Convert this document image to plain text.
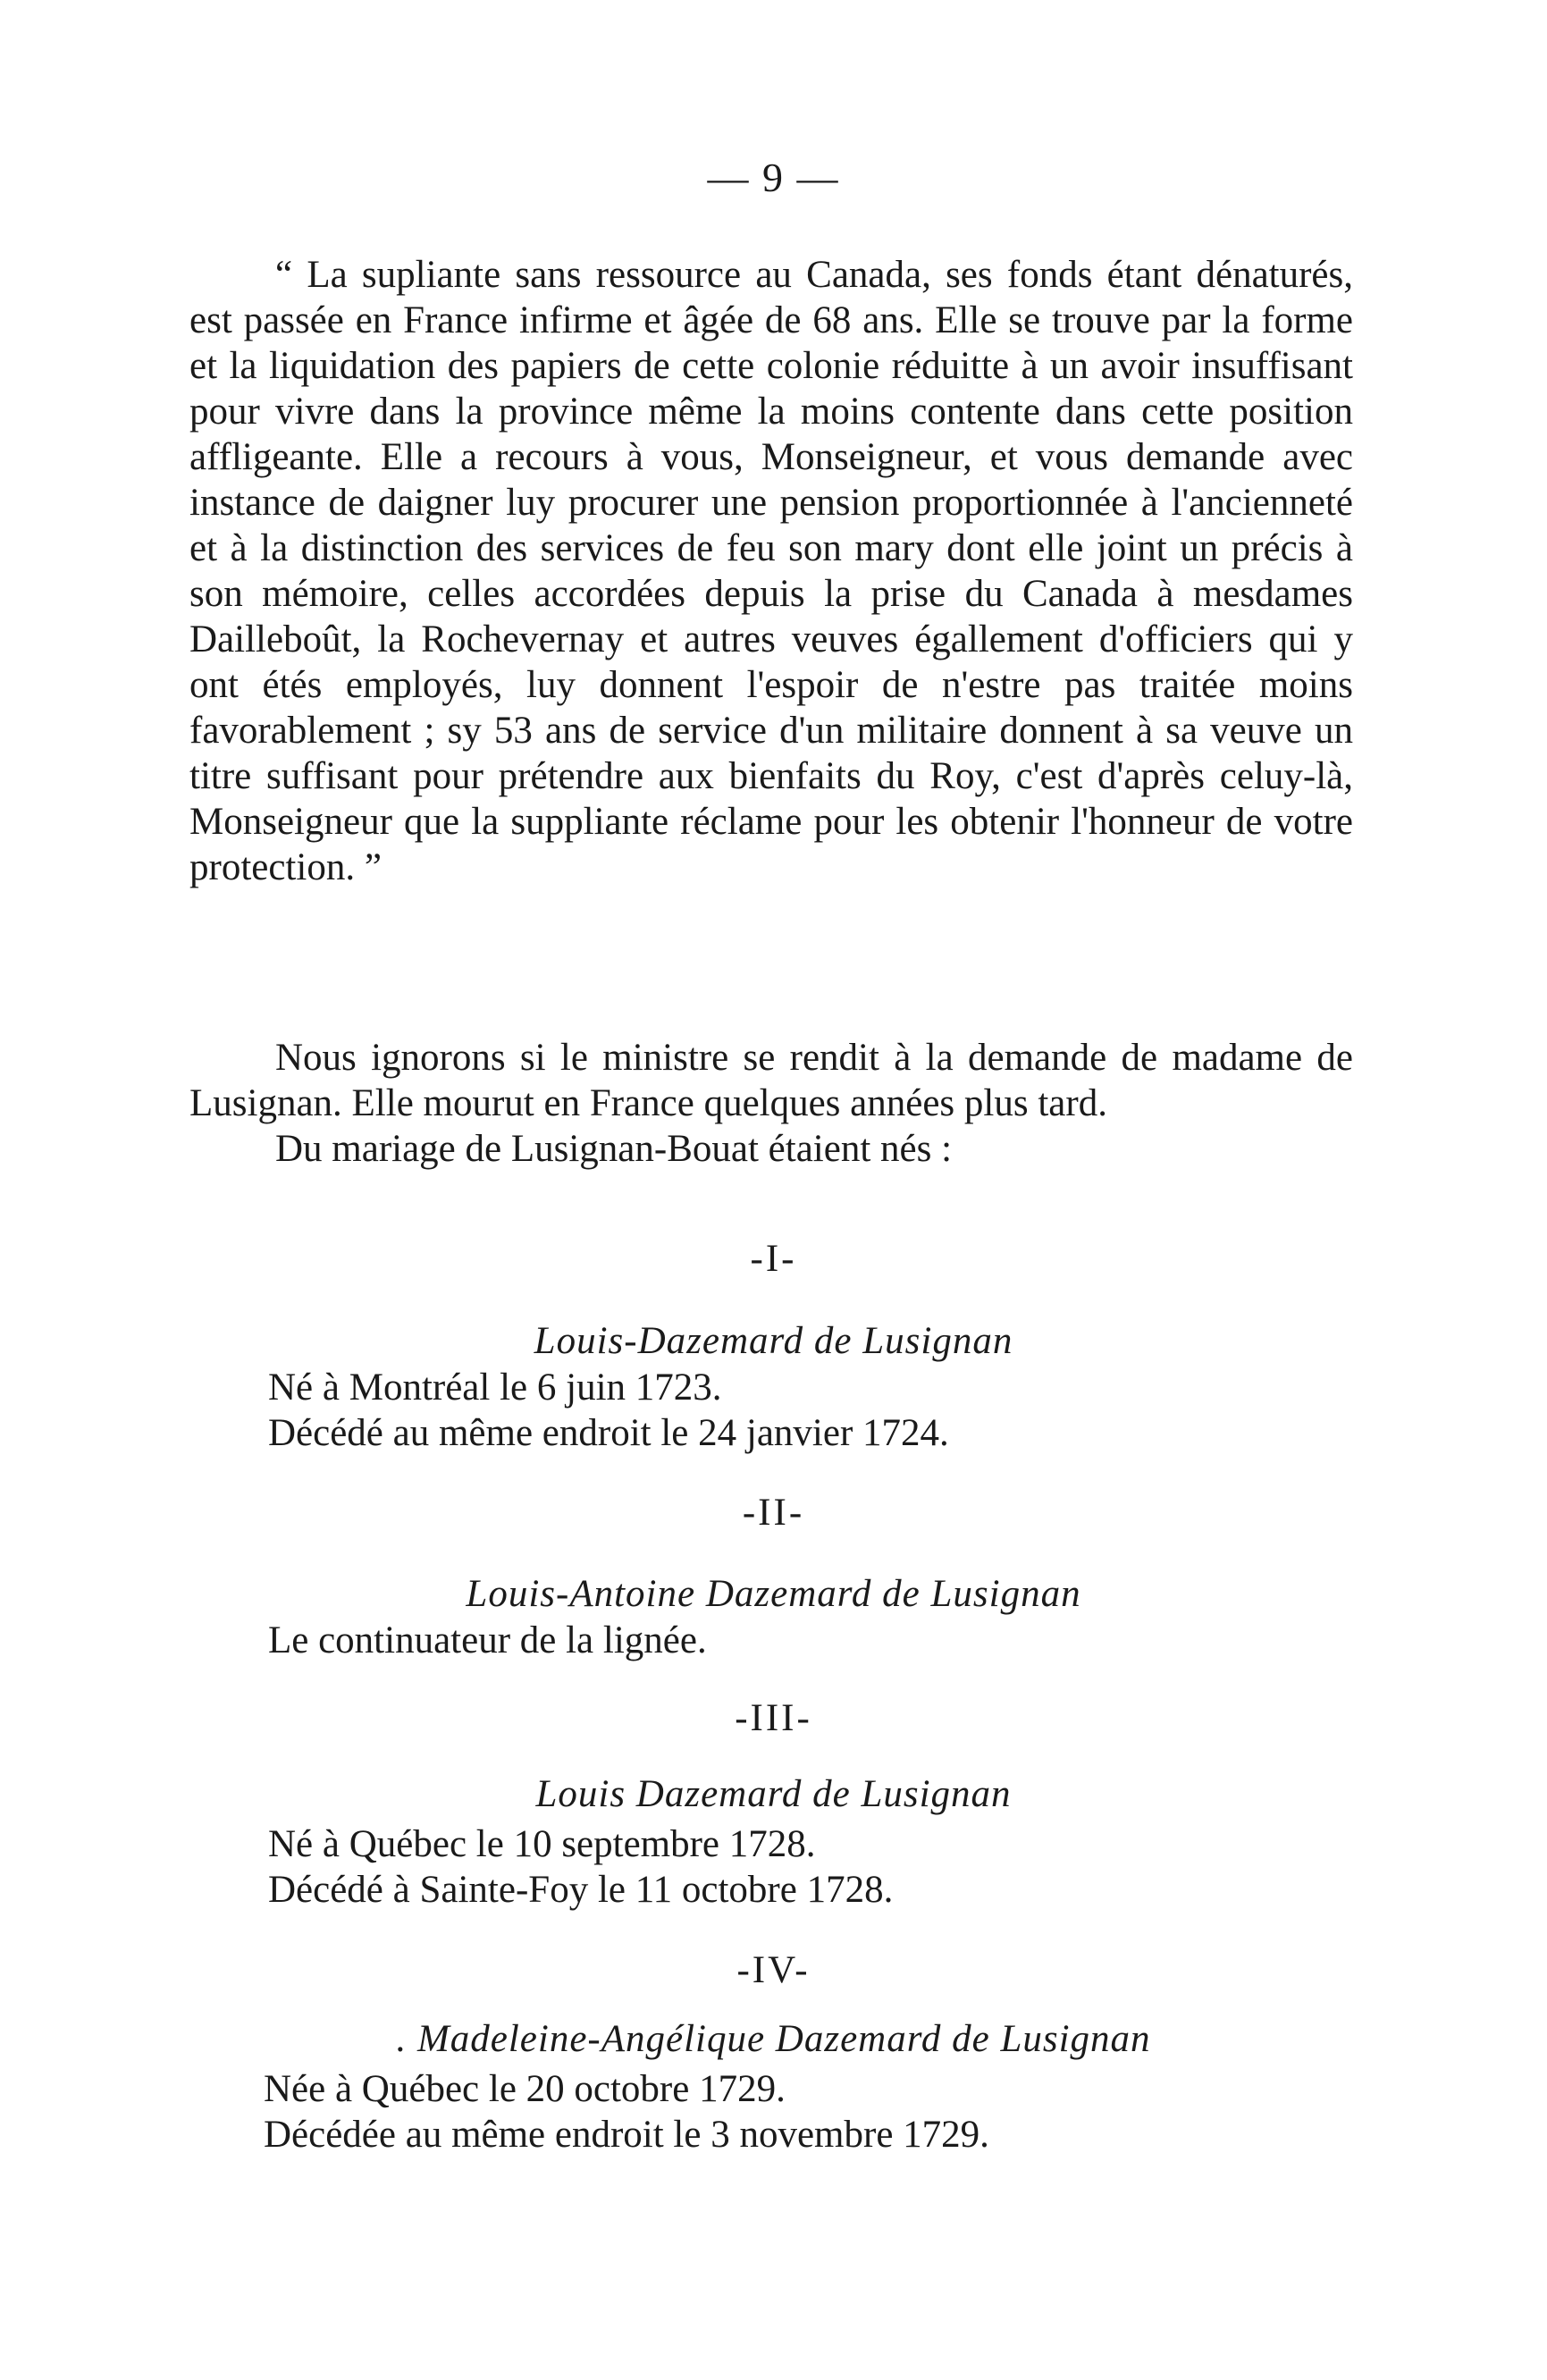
— 9 —

“ La supliante sans ressource au Canada, ses fonds étant dénaturés, est passée en France infirme et âgée de 68 ans. Elle se trouve par la forme et la liquidation des papiers de cette colonie réduitte à un avoir insuffisant pour vivre dans la province même la moins contente dans cette position affligeante. Elle a recours à vous, Monseigneur, et vous demande avec instance de daigner luy procurer une pension proportionnée à l'ancienneté et à la distinction des services de feu son mary dont elle joint un précis à son mémoire, celles accordées depuis la prise du Canada à mesdames Dailleboût, la Rochevernay et autres veuves égallement d'officiers qui y ont étés employés, luy donnent l'espoir de n'estre pas traitée moins favorablement ; sy 53 ans de service d'un militaire donnent à sa veuve un titre suffisant pour prétendre aux bienfaits du Roy, c'est d'après celuy-là, Monseigneur que la suppliante réclame pour les obtenir l'honneur de votre protection. ”

Nous ignorons si le ministre se rendit à la demande de madame de Lusignan. Elle mourut en France quelques années plus tard.

Du mariage de Lusignan-Bouat étaient nés :

-I-
Louis-Dazemard de Lusignan
Né à Montréal le 6 juin 1723.
Décédé au même endroit le 24 janvier 1724.
-II-
Louis-Antoine Dazemard de Lusignan
Le continuateur de la lignée.
-III-
Louis Dazemard de Lusignan
Né à Québec le 10 septembre 1728.
Décédé à Sainte-Foy le 11 octobre 1728.
-IV-
. Madeleine-Angélique Dazemard de Lusignan
Née à Québec le 20 octobre 1729.
Décédée au même endroit le 3 novembre 1729.
